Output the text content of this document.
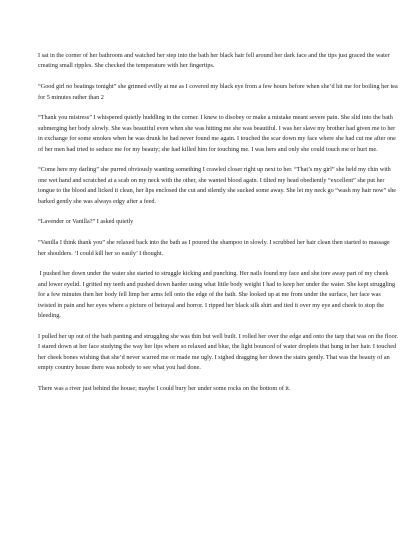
I sat in the corner of her bathroom and watched her step into the bath her black hair fell around her dark face and the tips just graced the water creating small ripples. She checked the temperature with her fingertips.

“Good girl no beatings tonight” she grinned evilly at me as I covered my black eye from a few hours before when she’d hit me for boiling her tea for 5 minutes rather than 2

“Thank you mistress” I whispered quietly huddling in the corner. I knew to disobey or make a mistake meant severe pain. She slid into the bath submerging her body slowly. She was beautiful even when she was hitting me she was beautiful. I was her slave my brother had given me to her in exchange for some smokes when he was drunk he had never found me again. I touched the scar down my face where she had cut me after one of her men had tried to seduce me for my beauty; she had killed him for touching me. I was hers and only she could touch me or hurt me.

“Come here my darling” she purred obviously wanting something I crawled closer right up next to her. “That’s my girl” she held my chin with one wet hand and scratched at a scab on my neck with the other, she wanted blood again. I tilted my head obediently “excellent” she put her tongue to the blood and licked it clean, her lips enclosed the cut and silently she sucked some away. She let my neck go “wash my hair now” she barked gently she was always edgy after a feed.

“Lavender or Vanilla?” I asked quietly

“Vanilla I think thank you” she relaxed back into the bath as I poured the shampoo in slowly. I scrubbed her hair clean then started to massage her shoulders. ‘I could kill her so easily’ I thought.

I pushed her down under the water she started to struggle kicking and punching. Her nails found my face and she tore away part of my cheek and lower eyelid. I gritted my teeth and pushed down harder using what little body weight I had to keep her under the water. She kept struggling for a few minutes then her body fell limp her arms fell onto the edge of the bath. She looked up at me from under the surface, her face was twisted in pain and her eyes where a picture of betrayal and horror. I ripped her black silk shirt and tied it over my eye and cheek to stop the bleeding.

I pulled her up out of the bath panting and struggling she was thin but well built. I rolled her over the edge and onto the tarp that was on the floor. I stared down at her face studying the way her lips where so relaxed and blue, the light bounced of water droplets that hung in her hair. I touched her cheek bones wishing that she’d never scarred me or made me ugly. I sighed dragging her down the stairs gently. That was the beauty of an empty country house there was nobody to see what you had done.

There was a river just behind the house; maybe I could bury her under some rocks on the bottom of it.
